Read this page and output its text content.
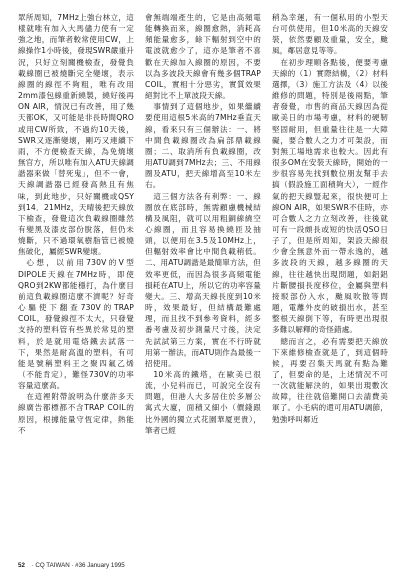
眾所周知，7MHz上強台林立，這樣就唯有加入大馬儘力使有一定強之地，而筆者較常使用CW，上線操作1小時後，發現SWR嚴重升況，只好立刻關機檢查，發覺負載線圈已被燒斷完全變壞，表示線圈的線徑不夠粗，唯有改用2mm漆包線重新繞製，繞好後再ON AIR，情況已有改善，用了幾天都OK，又可能是非長時間QRO或用CW所致，不過約10天後，SWR又逐漸變壞，剛巧又連續下雨，不方便檢查天線，為免燒壞無官方，所以唯有加入ATU天線調諧器來做「替死鬼」，但不一會，天線調諧器已經發高熱且有焦味，到此地步，只好關機或QSY到14．21MHz，天晴後把天線放下檢查，發覺這次負載線圈雖然有變黑及漆皮部份脫落，但仍未燒斷，只不過環氧樹脂管已被燒焦破化，屬經SWR變壞。

心想，以前用730V的V型DIPOLE天線在7MHz時，即使QRO到2KW都能穩打，為什麼目前這負載線圈這麼不濟呢？好奇心驅使下翻查730V的TRAP COIL，發覺線徑不太大，只發覺支持的塑料管有些異於常見的塑料，於是就用電烙鐵去試落一下，果然是耐高溫的塑料，有可能是號稱塑料王之聚四氟乙烯（不能肯定），難怪730V的功率容量這麼高。

在這裡附帶說明為什麼許多天線廣告都標都不含TRAP COIL的原因，根據能量守恆定律，熱能不

會無端端產生的，它是由高頻電能轉換而來，線圈愈熱，消耗高頻能量愈多，餘下輻射到空中的電波就愈少了，這亦是筆者不喜歡在天線加入線圈的原因，不要以為多波段天線會有幾多個TRAP COIL，實相十分惡劣，實質效果絕對比不上單波段天線。

事情到了這個地步，如果繼續要使用這根5米高的7MHz垂直天線，看來只有三個辦法：一、將中間負載線圈改為扁部鼎載線圈；二、取消所有負載線圈，改用ATU調到7MHz去；三、不用線圈及ATU，把天線增高至10米左右。

這三個方法各有利弊：一、線圈放在底部時，無需顧慮機械結構及風阻，就可以用粗銅線繞空心線圈，而且容易換繞匝及抽頭，以便用在3.5及10MHz上，但輻射效率會比中間負載稍低。二、用ATU調諧是最簡單方法，但效率更低，而因為很多高頻電能損耗在ATU上，所以它的功率容量變大。三、增高天線長度到10米時，效果最好，但結構最難處理，而且找不到參考資料，經多番考慮及初步測量尺寸後，決定先試試第三方案，實在不行時就用第一辦法，而ATU則作為最後一招使用。

10米高的鐵塔，在歐美已很流，小兒科而已，可說完全沒有問題，但港人大多居住於多層公寓式大廈，面積又細小（價錢跟比外國的獨立式花園華厦更貴），筆者已經

稍為幸運，有一個私用的小型天台可供使用，但10米高的天線安裝，依然要顧及重量，安全，颱風，鄰居意見等等。

在初步理順各點後，便要考慮天線的（1）實際結構，（2）材料選擇，（3）施工方法及（4）以後維修的問題，特別是後兩點，筆者發覺，市售的商品天線因為從歐美日的市場考慮，材料的硬靭堅固耐用，但重量往往是一大障礙，要合數人之力才可架設，而對無工場地需求也較大。因此有很多OM在安裝天線時，開始的一步很容易先找到數位朋友幫手去搞（假設施工面積夠大），一經作氣的把天線豎起來，很快便可上線ON AIR，如果SWR不佳時，亦可合數人之力立刻改善，往後就可有一段頗長或短的快活QSO日子了，但是所周知，架設天線很少會全無意外而一帶永逸的，越多波段的天線，越多線圈的天線，往往越快出現問題，如鋁鋁片斷腰損長度移位，金屬與塑料接駁部份入水，颱風吹散等問題，電離外皮的破損出水，甚至整根天線倒下等，有時更出現很多難以解釋的奇怪錯處。

總而言之，必有需要把天線放下來維修檢查就是了，到這個時候，再要召集天馬就有點為難了，但要命的是，上述情況不可一次就能解決的，如果出現數次故障，往往就倍難開口去請費美軍了。小毛病的還可用ATU調節，勉強呼叫鄰近

52 · CQ TAIWAN · #36 January 1995
